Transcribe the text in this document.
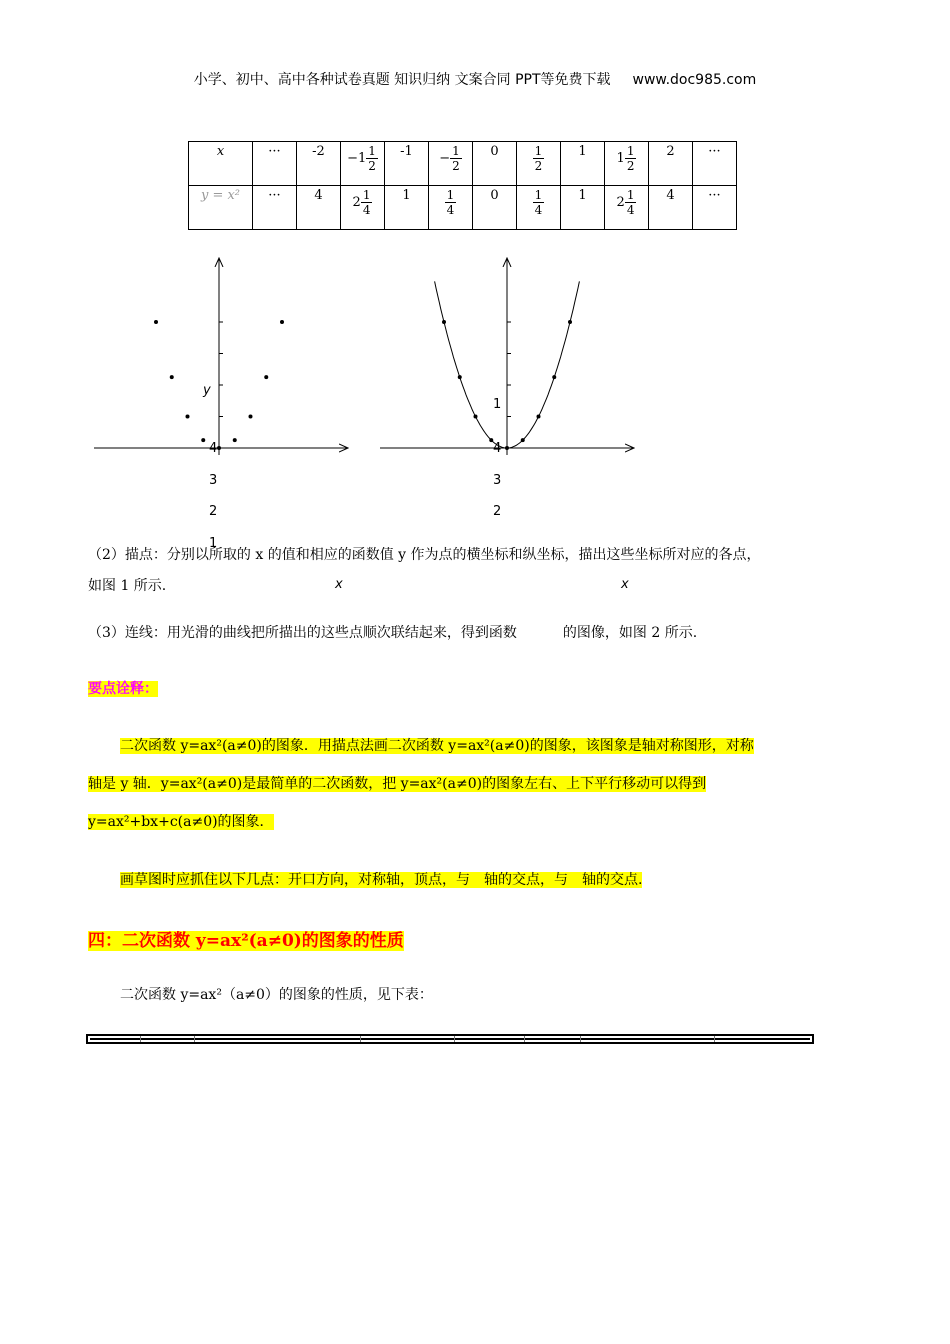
小学、初中、高中各种试卷真题 知识归纳 文案合同 PPT等免费下载 www.doc985.com
x	···	-2	$-1 \frac{1}{2}$	-1	− $\frac{1}{2}$	0	$\frac{1}{2}$	1	$1 \frac{1}{2}$	2	···
y = x²	···	4	$2 \frac{1}{4}$	1	$\frac{1}{4}$	0	$\frac{1}{4}$	1	$2 \frac{1}{4}$	4	···
y
4
3
2
1
x
1
4
3
2
x
（2）描点：分别以所取的 x 的值和相应的函数值 y 作为点的横坐标和纵坐标，描出这些坐标所对应的各点，
如图 1 所示.
（3）连线：用光滑的曲线把所描出的这些点顺次联结起来，得到函数	的图像，如图 2 所示.
要点诠释：
二次函数 y=ax²(a≠0)的图象．用描点法画二次函数 y=ax²(a≠0)的图象，该图象是轴对称图形，对称
轴是 y 轴．y=ax²(a≠0)是最简单的二次函数，把 y=ax²(a≠0)的图象左右、上下平行移动可以得到
y=ax²+bx+c(a≠0)的图象．
画草图时应抓住以下几点：开口方向，对称轴，顶点，与  轴的交点，与  轴的交点.
四：二次函数 y=ax²(a≠0)的图象的性质
二次函数 y=ax²（a≠0）的图象的性质，见下表：
